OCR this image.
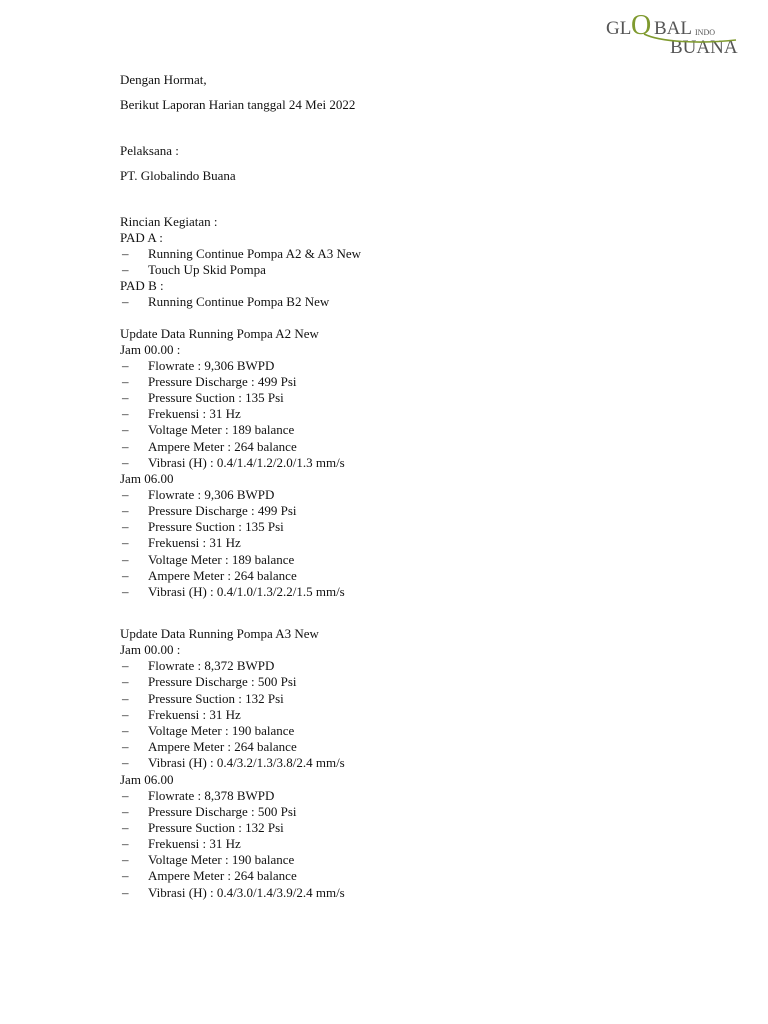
GL O BAL INDO
BUANA
Dengan Hormat,
Berikut Laporan Harian tanggal 24 Mei 2022
Pelaksana :
PT. Globalindo Buana
Rincian Kegiatan :
PAD A :
– Running Continue Pompa A2 & A3 New
– Touch Up Skid Pompa
PAD B :
– Running Continue Pompa B2 New
Update Data Running Pompa A2 New
Jam 00.00 :
– Flowrate : 9,306 BWPD
– Pressure Discharge : 499 Psi
– Pressure Suction : 135 Psi
– Frekuensi : 31 Hz
– Voltage Meter : 189 balance
– Ampere Meter : 264 balance
– Vibrasi (H) : 0.4/1.4/1.2/2.0/1.3 mm/s
Jam 06.00
– Flowrate : 9,306 BWPD
– Pressure Discharge : 499 Psi
– Pressure Suction : 135 Psi
– Frekuensi : 31 Hz
– Voltage Meter : 189 balance
– Ampere Meter : 264 balance
– Vibrasi (H) : 0.4/1.0/1.3/2.2/1.5 mm/s
Update Data Running Pompa A3 New
Jam 00.00 :
– Flowrate : 8,372 BWPD
– Pressure Discharge : 500 Psi
– Pressure Suction : 132 Psi
– Frekuensi : 31 Hz
– Voltage Meter : 190 balance
– Ampere Meter : 264 balance
– Vibrasi (H) : 0.4/3.2/1.3/3.8/2.4 mm/s
Jam 06.00
– Flowrate : 8,378 BWPD
– Pressure Discharge : 500 Psi
– Pressure Suction : 132 Psi
– Frekuensi : 31 Hz
– Voltage Meter : 190 balance
– Ampere Meter : 264 balance
– Vibrasi (H) : 0.4/3.0/1.4/3.9/2.4 mm/s
